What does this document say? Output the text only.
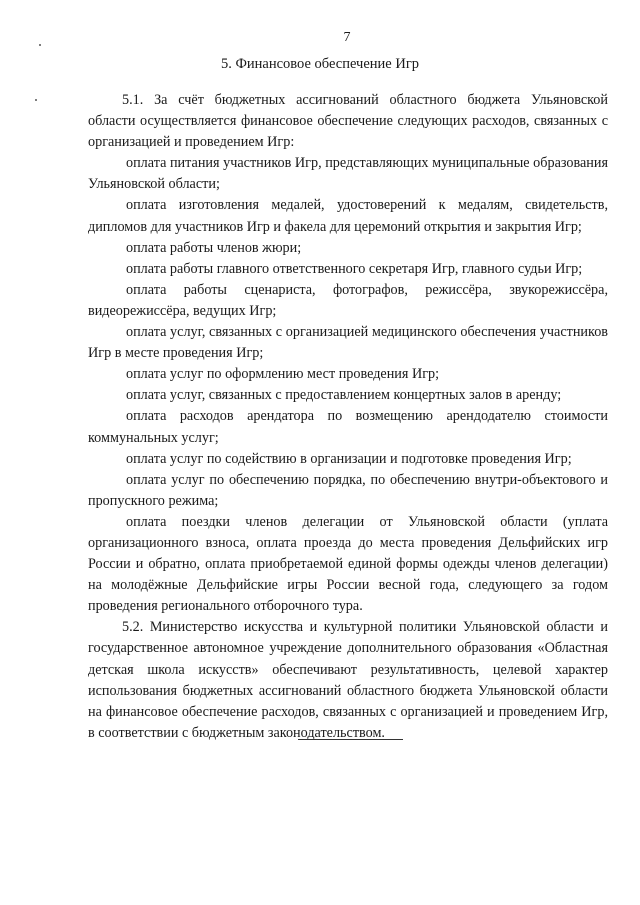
7
5. Финансовое обеспечение Игр

5.1. За счёт бюджетных ассигнований областного бюджета Ульяновской области осуществляется финансовое обеспечение следующих расходов, связанных с организацией и проведением Игр:

оплата питания участников Игр, представляющих муниципальные образования Ульяновской области;

оплата изготовления медалей, удостоверений к медалям, свидетельств, дипломов для участников Игр и факела для церемоний открытия и закрытия Игр;

оплата работы членов жюри;

оплата работы главного ответственного секретаря Игр, главного судьи Игр;

оплата работы сценариста, фотографов, режиссёра, звукорежиссёра, видеорежиссёра, ведущих Игр;

оплата услуг, связанных с организацией медицинского обеспечения участников Игр в месте проведения Игр;

оплата услуг по оформлению мест проведения Игр;

оплата услуг, связанных с предоставлением концертных залов в аренду;

оплата расходов арендатора по возмещению арендодателю стоимости коммунальных услуг;

оплата услуг по содействию в организации и подготовке проведения Игр;

оплата услуг по обеспечению порядка, по обеспечению внутри-объектового и пропускного режима;

оплата поездки членов делегации от Ульяновской области (уплата организационного взноса, оплата проезда до места проведения Дельфийских игр России и обратно, оплата приобретаемой единой формы одежды членов делегации) на молодёжные Дельфийские игры России весной года, следующего за годом проведения регионального отборочного тура.

5.2. Министерство искусства и культурной политики Ульяновской области и государственное автономное учреждение дополнительного образования «Областная детская школа искусств» обеспечивают результативность, целевой характер использования бюджетных ассигнований областного бюджета Ульяновской области на финансовое обеспечение расходов, связанных с организацией и проведением Игр, в соответствии с бюджетным законодательством.
